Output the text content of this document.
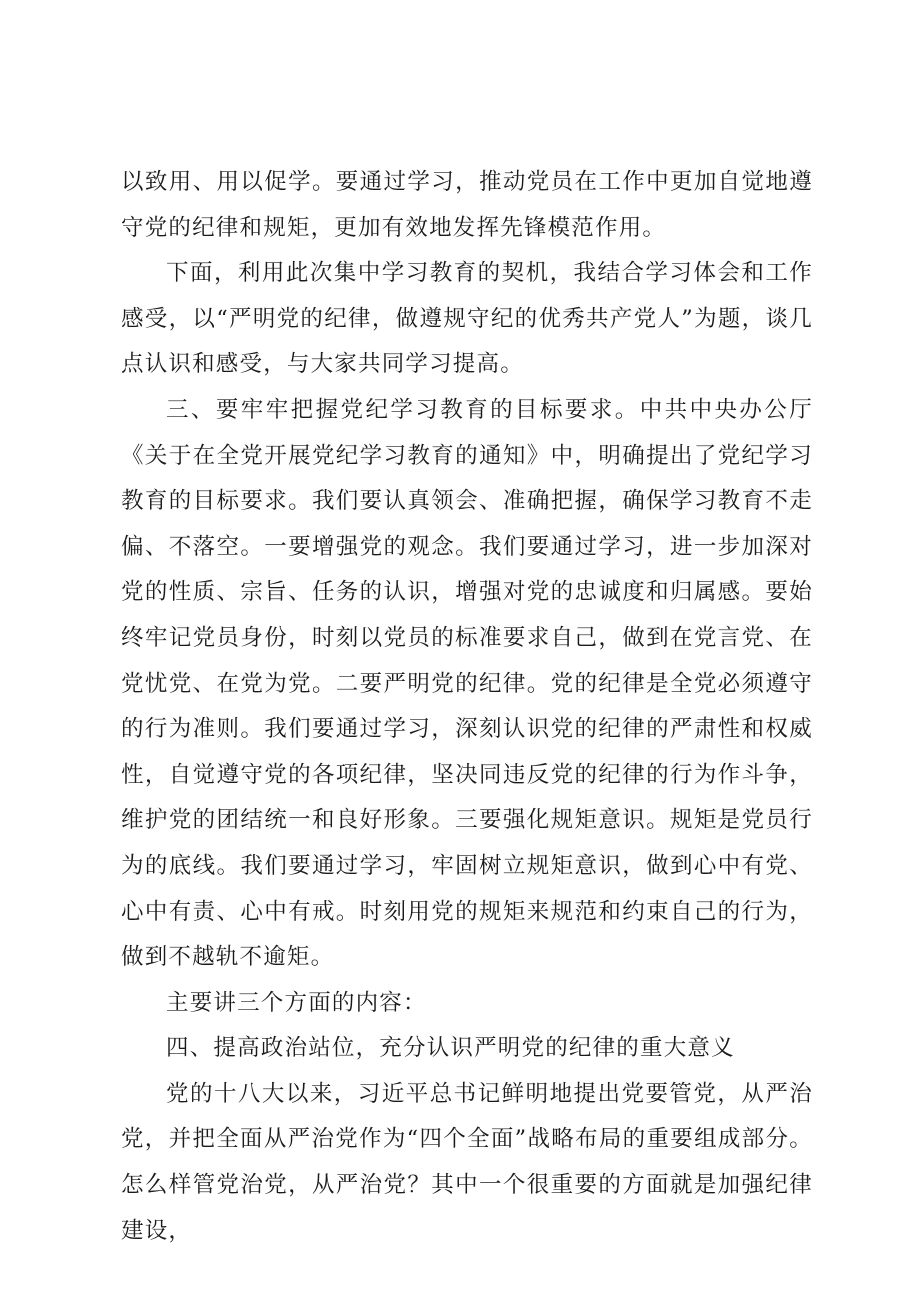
以致用、用以促学。要通过学习，推动党员在工作中更加自觉地遵守党的纪律和规矩，更加有效地发挥先锋模范作用。

下面，利用此次集中学习教育的契机，我结合学习体会和工作感受，以“严明党的纪律，做遵规守纪的优秀共产党人”为题，谈几点认识和感受，与大家共同学习提高。

三、要牢牢把握党纪学习教育的目标要求。中共中央办公厅《关于在全党开展党纪学习教育的通知》中，明确提出了党纪学习教育的目标要求。我们要认真领会、准确把握，确保学习教育不走偏、不落空。一要增强党的观念。我们要通过学习，进一步加深对党的性质、宗旨、任务的认识，增强对党的忠诚度和归属感。要始终牢记党员身份，时刻以党员的标准要求自己，做到在党言党、在党忧党、在党为党。二要严明党的纪律。党的纪律是全党必须遵守的行为准则。我们要通过学习，深刻认识党的纪律的严肃性和权威性，自觉遵守党的各项纪律，坚决同违反党的纪律的行为作斗争，维护党的团结统一和良好形象。三要强化规矩意识。规矩是党员行为的底线。我们要通过学习，牢固树立规矩意识，做到心中有党、心中有责、心中有戒。时刻用党的规矩来规范和约束自己的行为，做到不越轨不逾矩。

主要讲三个方面的内容：

四、提高政治站位，充分认识严明党的纪律的重大意义

党的十八大以来，习近平总书记鲜明地提出党要管党，从严治党，并把全面从严治党作为“四个全面”战略布局的重要组成部分。怎么样管党治党，从严治党？其中一个很重要的方面就是加强纪律建设，
